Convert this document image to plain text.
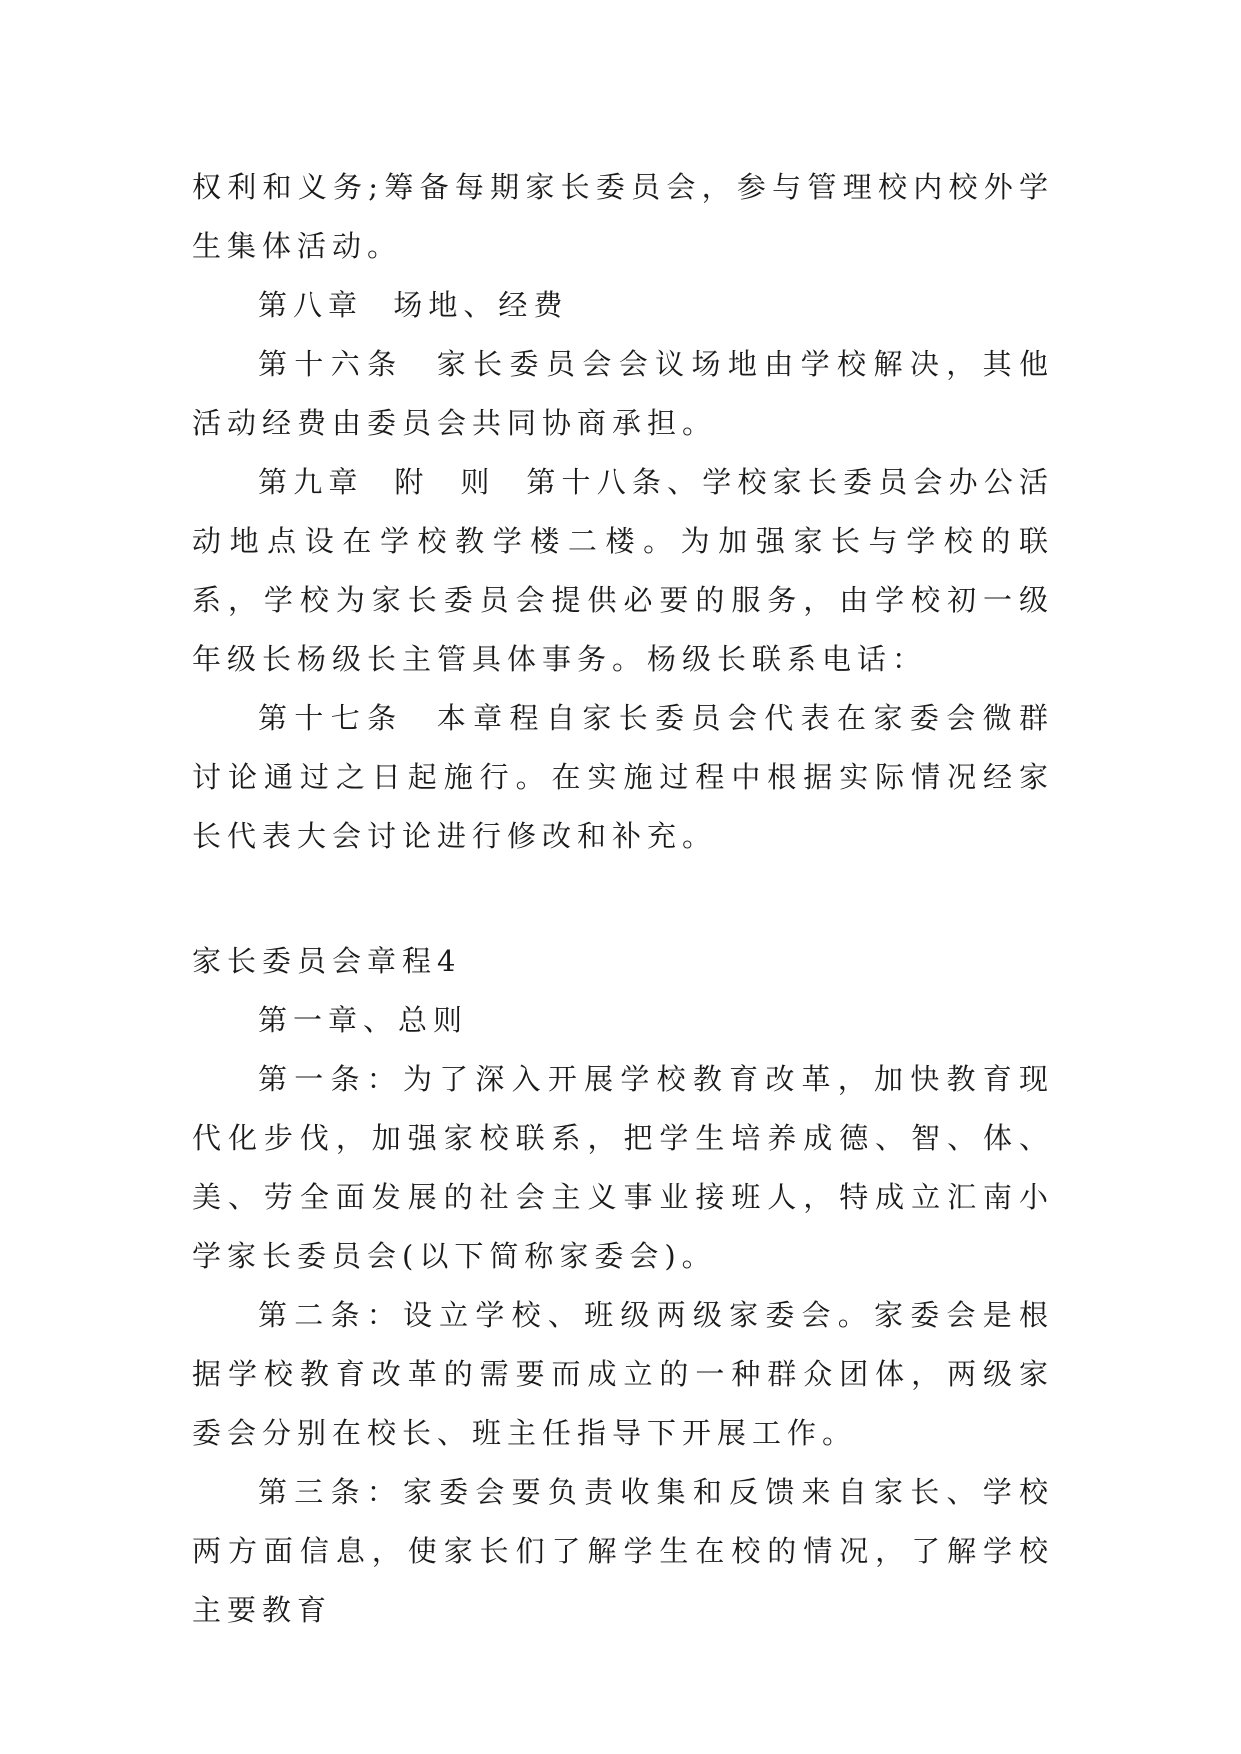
权利和义务;筹备每期家长委员会，参与管理校内校外学生集体活动。

第八章  场地、经费

第十六条  家长委员会会议场地由学校解决，其他活动经费由委员会共同协商承担。

第九章  附  则  第十八条、学校家长委员会办公活动地点设在学校教学楼二楼。为加强家长与学校的联系，学校为家长委员会提供必要的服务，由学校初一级年级长杨级长主管具体事务。杨级长联系电话：

第十七条  本章程自家长委员会代表在家委会微群讨论通过之日起施行。在实施过程中根据实际情况经家长代表大会讨论进行修改和补充。

家长委员会章程4

第一章、总则

第一条：为了深入开展学校教育改革，加快教育现代化步伐，加强家校联系，把学生培养成德、智、体、美、劳全面发展的社会主义事业接班人，特成立汇南小学家长委员会(以下简称家委会)。

第二条：设立学校、班级两级家委会。家委会是根据学校教育改革的需要而成立的一种群众团体，两级家委会分别在校长、班主任指导下开展工作。

第三条：家委会要负责收集和反馈来自家长、学校两方面信息，使家长们了解学生在校的情况，了解学校主要教育
